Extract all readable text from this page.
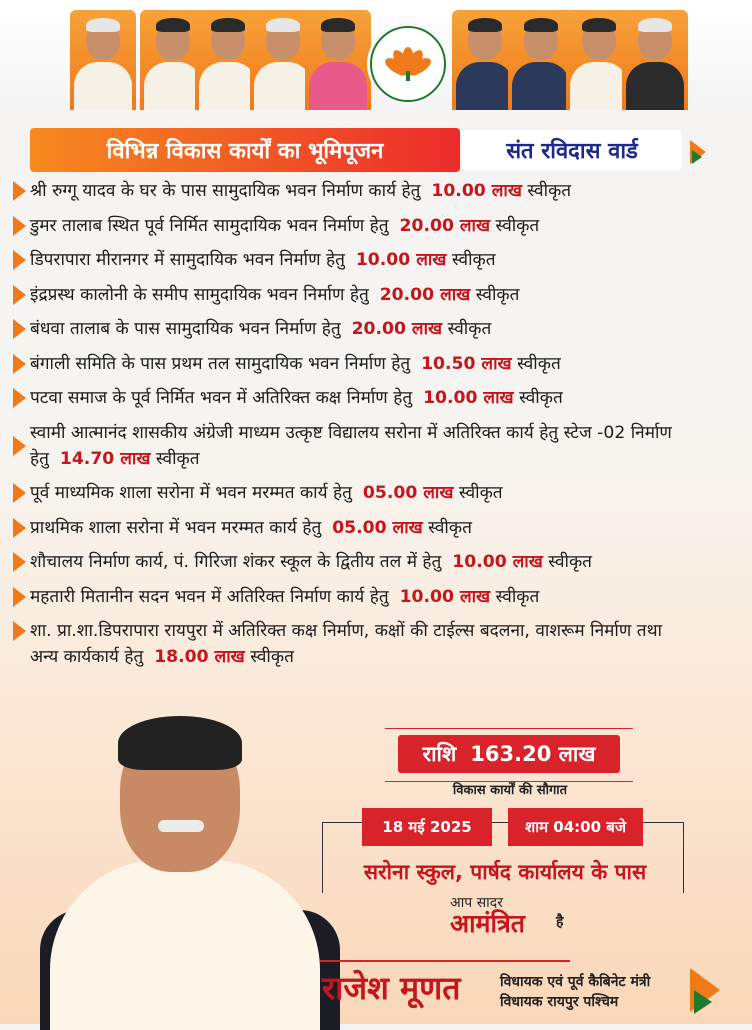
विभिन्न विकास कार्यों का भूमिपूजन	संत रविदास वार्ड
श्री रुग्गू यादव के घर के पास सामुदायिक भवन निर्माण कार्य हेतु 10.00 लाख स्वीकृत
डुमर तालाब स्थित पूर्व निर्मित सामुदायिक भवन निर्माण हेतु 20.00 लाख स्वीकृत
डिपरापारा मीरानगर में सामुदायिक भवन निर्माण हेतु 10.00 लाख स्वीकृत
इंद्रप्रस्थ कालोनी के समीप सामुदायिक भवन निर्माण हेतु 20.00 लाख स्वीकृत
बंधवा तालाब के पास सामुदायिक भवन निर्माण हेतु 20.00 लाख स्वीकृत
बंगाली समिति के पास प्रथम तल सामुदायिक भवन निर्माण हेतु 10.50 लाख स्वीकृत
पटवा समाज के पूर्व निर्मित भवन में अतिरिक्त कक्ष निर्माण हेतु 10.00 लाख स्वीकृत
स्वामी आत्मानंद शासकीय अंग्रेजी माध्यम उत्कृष्ट विद्यालय सरोना में अतिरिक्त कार्य हेतु स्टेज -02 निर्माण हेतु 14.70 लाख स्वीकृत
पूर्व माध्यमिक शाला सरोना में भवन मरम्मत कार्य हेतु 05.00 लाख स्वीकृत
प्राथमिक शाला सरोना में भवन मरम्मत कार्य हेतु 05.00 लाख स्वीकृत
शौचालय निर्माण कार्य, पं. गिरिजा शंकर स्कूल के द्वितीय तल में हेतु 10.00 लाख स्वीकृत
महतारी मितानीन सदन भवन में अतिरिक्त निर्माण कार्य हेतु 10.00 लाख स्वीकृत
शा. प्रा.शा.डिपरापारा रायपुरा में अतिरिक्त कक्ष निर्माण, कक्षों की टाईल्स बदलना, वाशरूम निर्माण तथा अन्य कार्यकार्य हेतु 18.00 लाख स्वीकृत
राशि 163.20 लाख
विकास कार्यों की सौगात
18 मई 2025	शाम 04:00 बजे
सरोना स्कुल, पार्षद कार्यालय के पास
आप सादर
आमंत्रित है
राजेश मूणत	विधायक एवं पूर्व कैबिनेट मंत्री
विधायक रायपुर पश्चिम
